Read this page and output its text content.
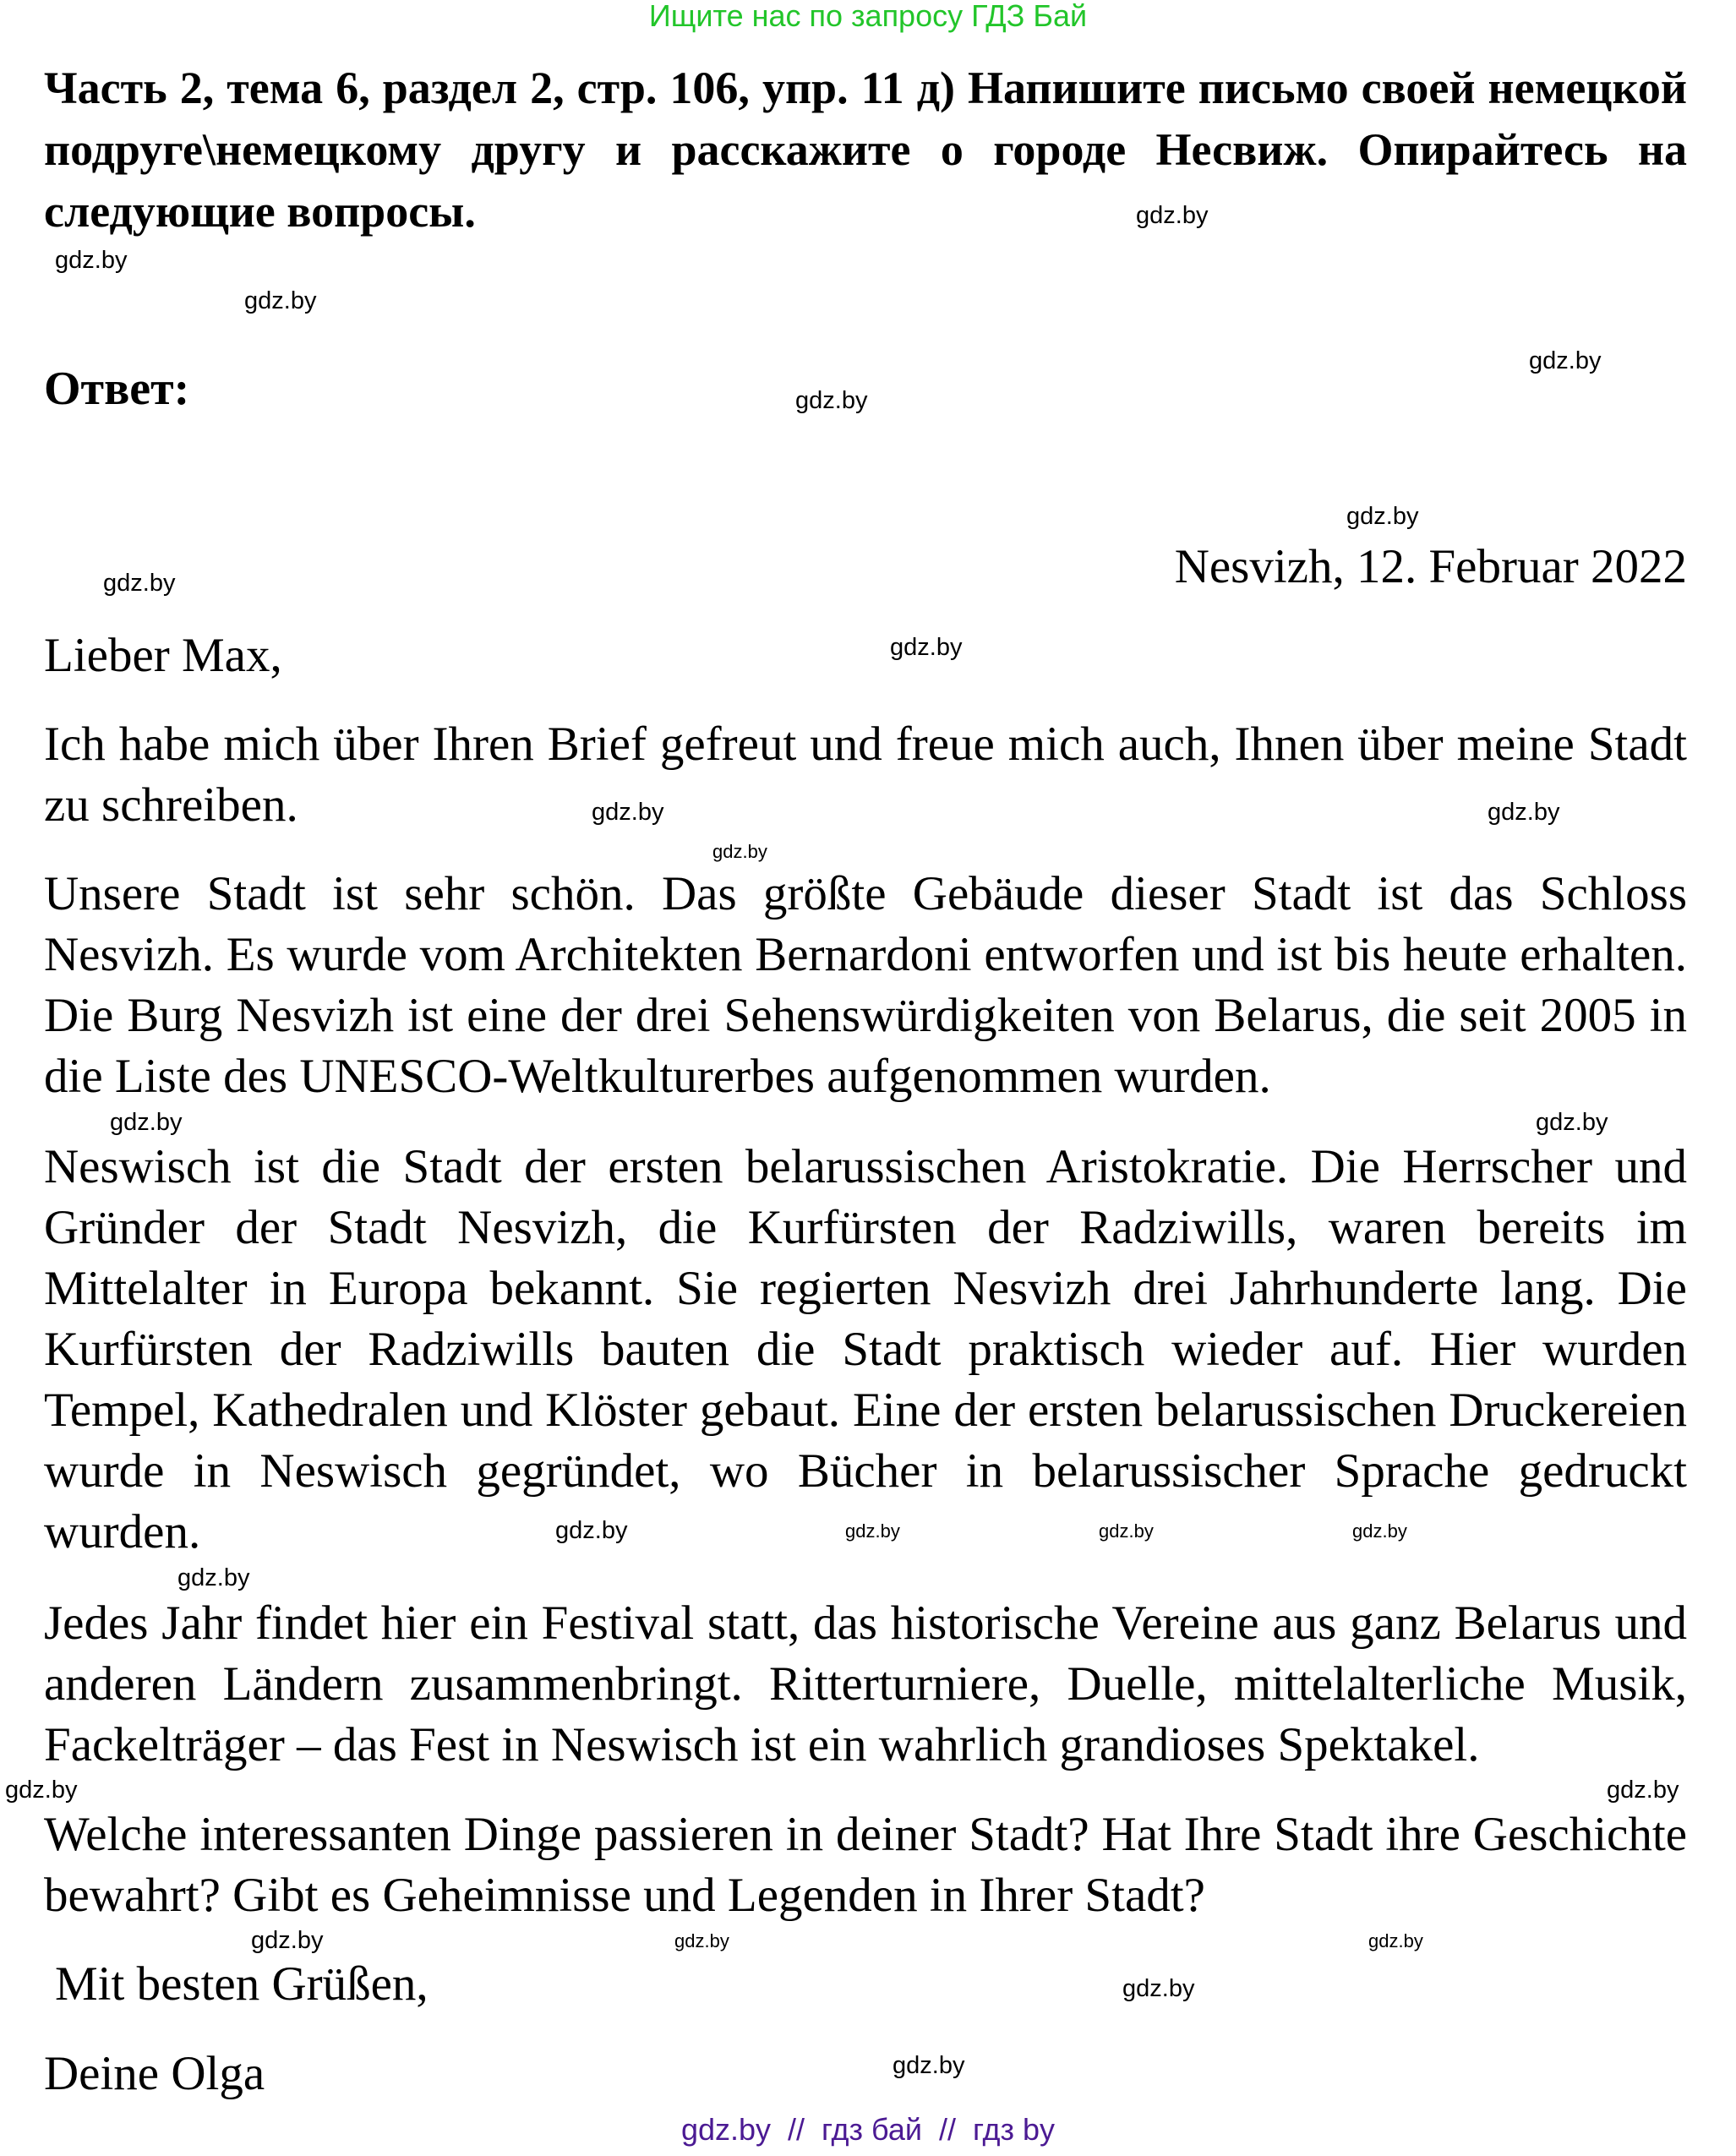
Ищите нас по запросу ГДЗ Бай
Часть 2, тема 6, раздел 2, стр. 106, упр. 11 д) Напишите письмо своей немецкой подруге\немецкому другу и расскажите о городе Несвиж. Опирайтесь на следующие вопросы.
Ответ:
Nesvizh, 12. Februar 2022
Lieber Max,
Ich habe mich über Ihren Brief gefreut und freue mich auch, Ihnen über meine Stadt zu schreiben.
Unsere Stadt ist sehr schön. Das größte Gebäude dieser Stadt ist das Schloss Nesvizh. Es wurde vom Architekten Bernardoni entworfen und ist bis heute erhalten. Die Burg Nesvizh ist eine der drei Sehenswürdigkeiten von Belarus, die seit 2005 in die Liste des UNESCO-Weltkulturerbes aufgenommen wurden.
Neswisch ist die Stadt der ersten belarussischen Aristokratie. Die Herrscher und Gründer der Stadt Nesvizh, die Kurfürsten der Radziwills, waren bereits im Mittelalter in Europa bekannt. Sie regierten Nesvizh drei Jahrhunderte lang. Die Kurfürsten der Radziwills bauten die Stadt praktisch wieder auf. Hier wurden Tempel, Kathedralen und Klöster gebaut. Eine der ersten belarussischen Druckereien wurde in Neswisch gegründet, wo Bücher in belarussischer Sprache gedruckt wurden.
Jedes Jahr findet hier ein Festival statt, das historische Vereine aus ganz Belarus und anderen Ländern zusammenbringt. Ritterturniere, Duelle, mittelalterliche Musik, Fackelträger – das Fest in Neswisch ist ein wahrlich grandioses Spektakel.
Welche interessanten Dinge passieren in deiner Stadt? Hat Ihre Stadt ihre Geschichte bewahrt? Gibt es Geheimnisse und Legenden in Ihrer Stadt?
Mit besten Grüßen,
Deine Olga
gdz.by
gdz.by
gdz.by
gdz.by
gdz.by
gdz.by
gdz.by
gdz.by
gdz.by
gdz.by
gdz.by
gdz.by
gdz.by
gdz.by
gdz.by
gdz.by
gdz.by
gdz.by
gdz.by	gdz.by
gdz.by	gdz.by
gdz.by
gdz.by
gdz.by
gdz.by  //  гдз бай  //  гдз by
